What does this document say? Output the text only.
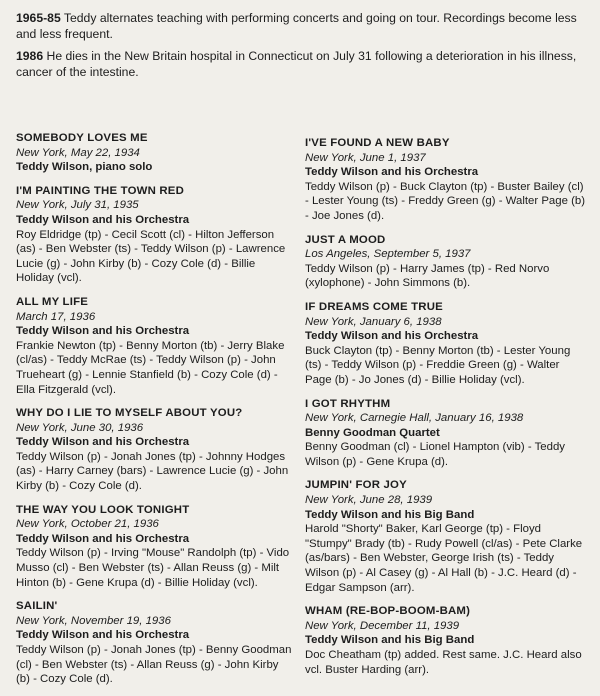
1965-85 Teddy alternates teaching with performing concerts and going on tour. Recordings become less and less frequent.

1986 He dies in the New Britain hospital in Connecticut on July 31 following a deterioration in his illness, cancer of the intestine.

SOMEBODY LOVES ME
New York, May 22, 1934
Teddy Wilson, piano solo
I'M PAINTING THE TOWN RED
New York, July 31, 1935
Teddy Wilson and his Orchestra
Roy Eldridge (tp) - Cecil Scott (cl) - Hilton Jefferson (as) - Ben Webster (ts) - Teddy Wilson (p) - Lawrence Lucie (g) - John Kirby (b) - Cozy Cole (d) - Billie Holiday (vcl).
ALL MY LIFE
March 17, 1936
Teddy Wilson and his Orchestra
Frankie Newton (tp) - Benny Morton (tb) - Jerry Blake (cl/as) - Teddy McRae (ts) - Teddy Wilson (p) - John Trueheart (g) - Lennie Stanfield (b) - Cozy Cole (d) - Ella Fitzgerald (vcl).
WHY DO I LIE TO MYSELF ABOUT YOU?
New York, June 30, 1936
Teddy Wilson and his Orchestra
Teddy Wilson (p) - Jonah Jones (tp) - Johnny Hodges (as) - Harry Carney (bars) - Lawrence Lucie (g) - John Kirby (b) - Cozy Cole (d).
THE WAY YOU LOOK TONIGHT
New York, October 21, 1936
Teddy Wilson and his Orchestra
Teddy Wilson (p) - Irving "Mouse" Randolph (tp) - Vido Musso (cl) - Ben Webster (ts) - Allan Reuss (g) - Milt Hinton (b) - Gene Krupa (d) - Billie Holiday (vcl).
SAILIN'
New York, November 19, 1936
Teddy Wilson and his Orchestra
Teddy Wilson (p) - Jonah Jones (tp) - Benny Goodman (cl) - Ben Webster (ts) - Allan Reuss (g) - John Kirby (b) - Cozy Cole (d).
I'VE FOUND A NEW BABY
New York, June 1, 1937
Teddy Wilson and his Orchestra
Teddy Wilson (p) - Buck Clayton (tp) - Buster Bailey (cl) - Lester Young (ts) - Freddy Green (g) - Walter Page (b) - Joe Jones (d).
JUST A MOOD
Los Angeles, September 5, 1937
Teddy Wilson (p) - Harry James (tp) - Red Norvo (xylophone) - John Simmons (b).
IF DREAMS COME TRUE
New York, January 6, 1938
Teddy Wilson and his Orchestra
Buck Clayton (tp) - Benny Morton (tb) - Lester Young (ts) - Teddy Wilson (p) - Freddie Green (g) - Walter Page (b) - Jo Jones (d) - Billie Holiday (vcl).
I GOT RHYTHM
New York, Carnegie Hall, January 16, 1938
Benny Goodman Quartet
Benny Goodman (cl) - Lionel Hampton (vib) - Teddy Wilson (p) - Gene Krupa (d).
JUMPIN' FOR JOY
New York, June 28, 1939
Teddy Wilson and his Big Band
Harold "Shorty" Baker, Karl George (tp) - Floyd "Stumpy" Brady (tb) - Rudy Powell (cl/as) - Pete Clarke (as/bars) - Ben Webster, George Irish (ts) - Teddy Wilson (p) - Al Casey (g) - Al Hall (b) - J.C. Heard (d) - Edgar Sampson (arr).
WHAM (RE-BOP-BOOM-BAM)
New York, December 11, 1939
Teddy Wilson and his Big Band
Doc Cheatham (tp) added. Rest same. J.C. Heard also vcl. Buster Harding (arr).
